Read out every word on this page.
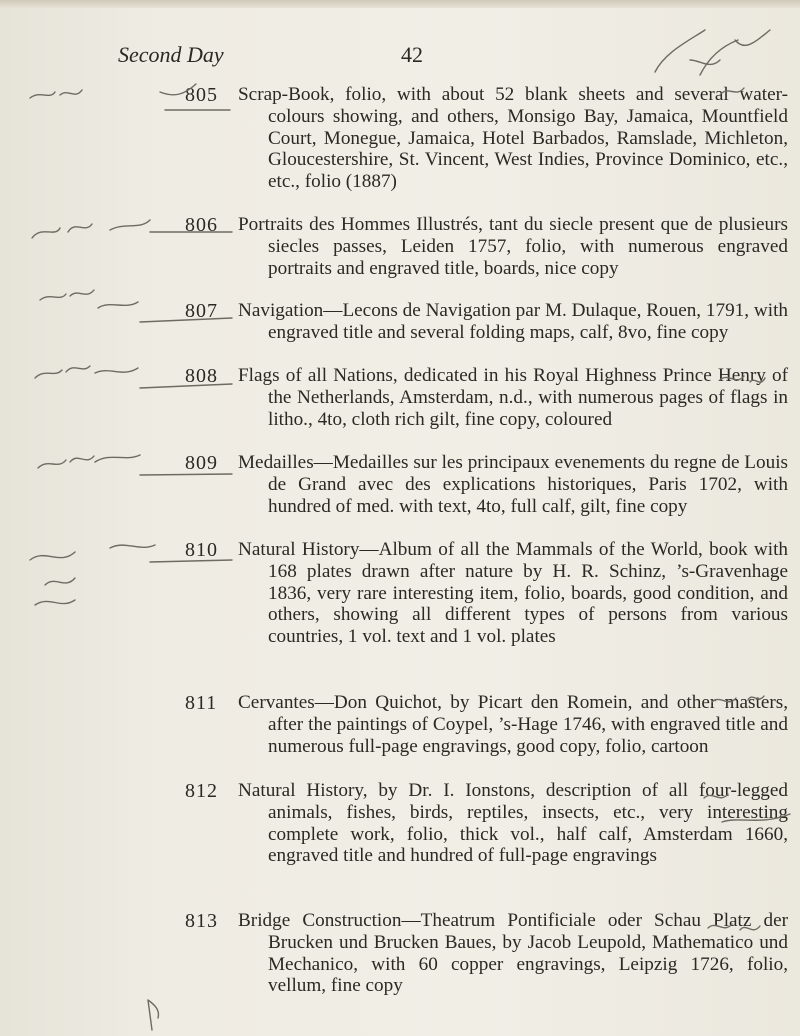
Second Day	42
805 Scrap-Book, folio, with about 52 blank sheets and several water-colours showing, and others, Monsigo Bay, Jamaica, Mountfield Court, Monegue, Jamaica, Hotel Barbados, Ramslade, Michleton, Gloucestershire, St. Vincent, West Indies, Province Dominico, etc., etc., folio (1887)
806 Portraits des Hommes Illustrés, tant du siecle present que de plusieurs siecles passes, Leiden 1757, folio, with numerous engraved portraits and engraved title, boards, nice copy
807 Navigation—Lecons de Navigation par M. Dulaque, Rouen, 1791, with engraved title and several folding maps, calf, 8vo, fine copy
808 Flags of all Nations, dedicated in his Royal Highness Prince Henry of the Netherlands, Amsterdam, n.d., with numerous pages of flags in litho., 4to, cloth rich gilt, fine copy, coloured
809 Medailles—Medailles sur les principaux evenements du regne de Louis de Grand avec des explications historiques, Paris 1702, with hundred of med. with text, 4to, full calf, gilt, fine copy
810 Natural History—Album of all the Mammals of the World, book with 168 plates drawn after nature by H. R. Schinz, ’s-Gravenhage 1836, very rare interesting item, folio, boards, good condition, and others, showing all different types of persons from various countries, 1 vol. text and 1 vol. plates
811 Cervantes—Don Quichot, by Picart den Romein, and other masters, after the paintings of Coypel, ’s-Hage 1746, with engraved title and numerous full-page engravings, good copy, folio, cartoon
812 Natural History, by Dr. I. Ionstons, description of all four-legged animals, fishes, birds, reptiles, insects, etc., very interesting complete work, folio, thick vol., half calf, Amsterdam 1660, engraved title and hundred of full-page engravings
813 Bridge Construction—Theatrum Pontificiale oder Schau Platz der Brucken und Brucken Baues, by Jacob Leupold, Mathematico und Mechanico, with 60 copper engravings, Leipzig 1726, folio, vellum, fine copy
